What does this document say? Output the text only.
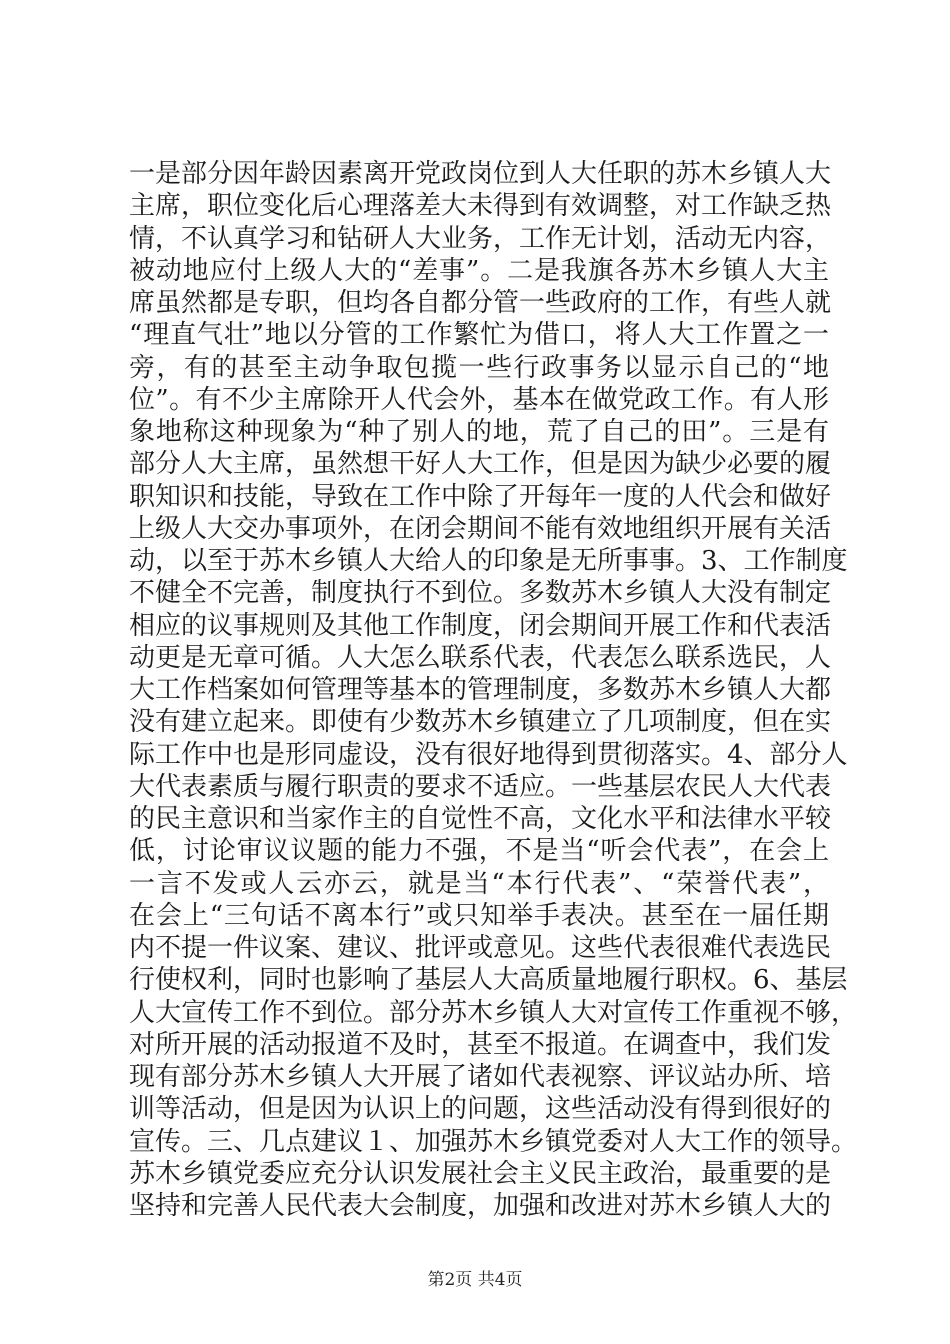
一是部分因年龄因素离开党政岗位到人大任职的苏木乡镇人大
主席，职位变化后心理落差大未得到有效调整，对工作缺乏热
情，不认真学习和钻研人大业务，工作无计划，活动无内容，
被动地应付上级人大的“差事”。二是我旗各苏木乡镇人大主
席虽然都是专职，但均各自都分管一些政府的工作，有些人就
“理直气壮”地以分管的工作繁忙为借口，将人大工作置之一
旁，有的甚至主动争取包揽一些行政事务以显示自己的“地
位”。有不少主席除开人代会外，基本在做党政工作。有人形
象地称这种现象为“种了别人的地，荒了自己的田”。三是有
部分人大主席，虽然想干好人大工作，但是因为缺少必要的履
职知识和技能，导致在工作中除了开每年一度的人代会和做好
上级人大交办事项外，在闭会期间不能有效地组织开展有关活
动，以至于苏木乡镇人大给人的印象是无所事事。3、工作制度
不健全不完善，制度执行不到位。多数苏木乡镇人大没有制定
相应的议事规则及其他工作制度，闭会期间开展工作和代表活
动更是无章可循。人大怎么联系代表，代表怎么联系选民，人
大工作档案如何管理等基本的管理制度，多数苏木乡镇人大都
没有建立起来。即使有少数苏木乡镇建立了几项制度，但在实
际工作中也是形同虚设，没有很好地得到贯彻落实。4、部分人
大代表素质与履行职责的要求不适应。一些基层农民人大代表
的民主意识和当家作主的自觉性不高，文化水平和法律水平较
低，讨论审议议题的能力不强，不是当“听会代表”，在会上
一言不发或人云亦云，就是当“本行代表”、“荣誉代表”，
在会上“三句话不离本行”或只知举手表决。甚至在一届任期
内不提一件议案、建议、批评或意见。这些代表很难代表选民
行使权利，同时也影响了基层人大高质量地履行职权。6、基层
人大宣传工作不到位。部分苏木乡镇人大对宣传工作重视不够，
对所开展的活动报道不及时，甚至不报道。在调查中，我们发
现有部分苏木乡镇人大开展了诸如代表视察、评议站办所、培
训等活动，但是因为认识上的问题，这些活动没有得到很好的
宣传。三、几点建议１、加强苏木乡镇党委对人大工作的领导。
苏木乡镇党委应充分认识发展社会主义民主政治，最重要的是
坚持和完善人民代表大会制度，加强和改进对苏木乡镇人大的
第2页 共4页
